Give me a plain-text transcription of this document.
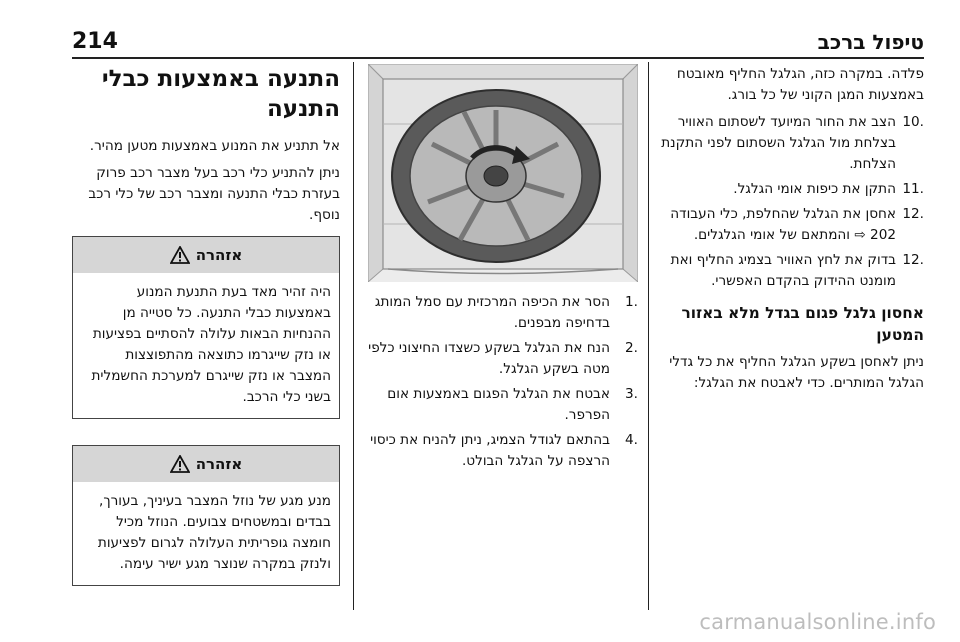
214	טיפול ברכב

פלדה. במקרה כזה, הגלגל החליף מאובטח באמצעות המגן הקוני של כל בורג.

10.
הצב את החור המיועד לשסתום האוויר בצלחת מול הגלגל השסתום לפני התקנת הצלחת.
11.
התקן את כיפות אומי הגלגל.
12.
אחסן את הגלגל שהחלפת, כלי העבודה ⇨ 202 והמתאם של אומי הגלגלים.
12.
בדוק את לחץ האוויר בצמיג החליף ואת מומנט ההידוק בהקדם האפשרי.
אחסון גלגל פגום בגדל מלא באזור המטען

ניתן לאחסן בשקע הגלגל החליף את כל גדלי הגלגל המותרים. כדי לאבטח את הגלגל:

1.
הסר את הכיפה המרכזית עם סמל המותג בדחיפה מבפנים.
2.
הנח את הגלגל בשקע כשצדו החיצוני כלפי מטה בשקע הגלגל.
3.
אבטח את הגלגל הפגום באמצעות אום הפרפר.
4.
בהתאם לגודל הצמיג, ניתן להניח את כיסוי הרצפה על הגלגל הבולט.
התנעה באמצעות כבלי התנעה

אל תתניע את המנוע באמצעות מטען מהיר.

ניתן להתניע כלי רכב בעל מצבר רכב פרוק בעזרת כבלי התנעה ומצבר רכב של כלי רכב נוסף.

אזהרה
היה זהיר מאד בעת התנעת המנוע באמצעות כבלי התנעה. כל סטייה מן ההנחיות הבאות עלולה להסתיים בפציעות או נזק שייגרמו כתוצאה מהתפוצצות המצבר או נזק שייגרם למערכת החשמלית בשני כלי הרכב.
אזהרה
מנע מגע של נוזל המצבר בעיניך, בעורך, בבדים ובמשטחים צבועים. הנוזל מכיל חומצה גופריתית העלולה לגרום לפציעות ולנזק במקרה שנוצר מגע ישיר עימה.
carmanualsonline.info
